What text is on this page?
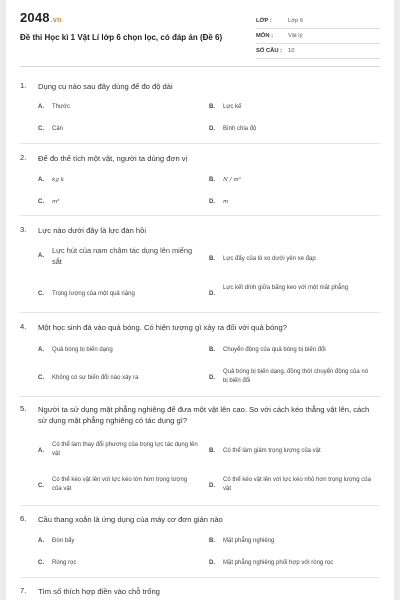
2048.vn
Đề thi Học kì 1 Vật Lí lớp 6 chọn lọc, có đáp án (Đề 6)
LỚP :	Lớp 6
MÔN :	Vật lý
SỐ CÂU :	10
1. Dụng cụ nào sau đây dùng để đo độ dài
A. Thước	B. Lực kế
C. Cân	D. Bình chia độ
2. Để đo thể tích một vật, người ta dùng đơn vị
A. kg k	B. N / m³
C. m³	D. m
3. Lực nào dưới đây là lực đàn hồi
A.
Lực hút của nam châm tác dụng lên miếng sắt	B. Lực đẩy của lò xo dưới yên xe đạp
C. Trọng lượng của một quả nặng	D.
Lực kết dính giữa băng keo với một mặt phẳng
4. Một học sinh đá vào quả bóng. Có hiện tượng gì xảy ra đối với quả bóng?
A. Quả bóng bị biến dạng	B. Chuyển động của quả bóng bị biến đổi
C. Không có sự biến đổi nào xảy ra	D.
Quả bóng bị biến dạng, đồng thời chuyển động của nó bị biến đổi
5. Người ta sử dụng mặt phẳng nghiêng để đưa một vật lên cao. So với cách kéo thẳng vật lên, cách sử dụng mặt phẳng nghiêng có tác dụng gì?
A.
Có thể làm thay đổi phương của trọng lực tác dụng lên vật	B. Có thể làm giảm trọng lượng của vật
C.
Có thể kéo vật lên với lực kéo lớn hơn trọng lượng của vật	D.
Có thể kéo vật lên với lực kéo nhỏ hơn trọng lượng của vật
6. Cầu thang xoắn là ứng dụng của máy cơ đơn giản nào
A. Đòn bẩy	B. Mặt phẳng nghiêng
C. Ròng rọc	D. Mặt phẳng nghiêng phối hợp với ròng rọc
7. Tìm số thích hợp điền vào chỗ trống
